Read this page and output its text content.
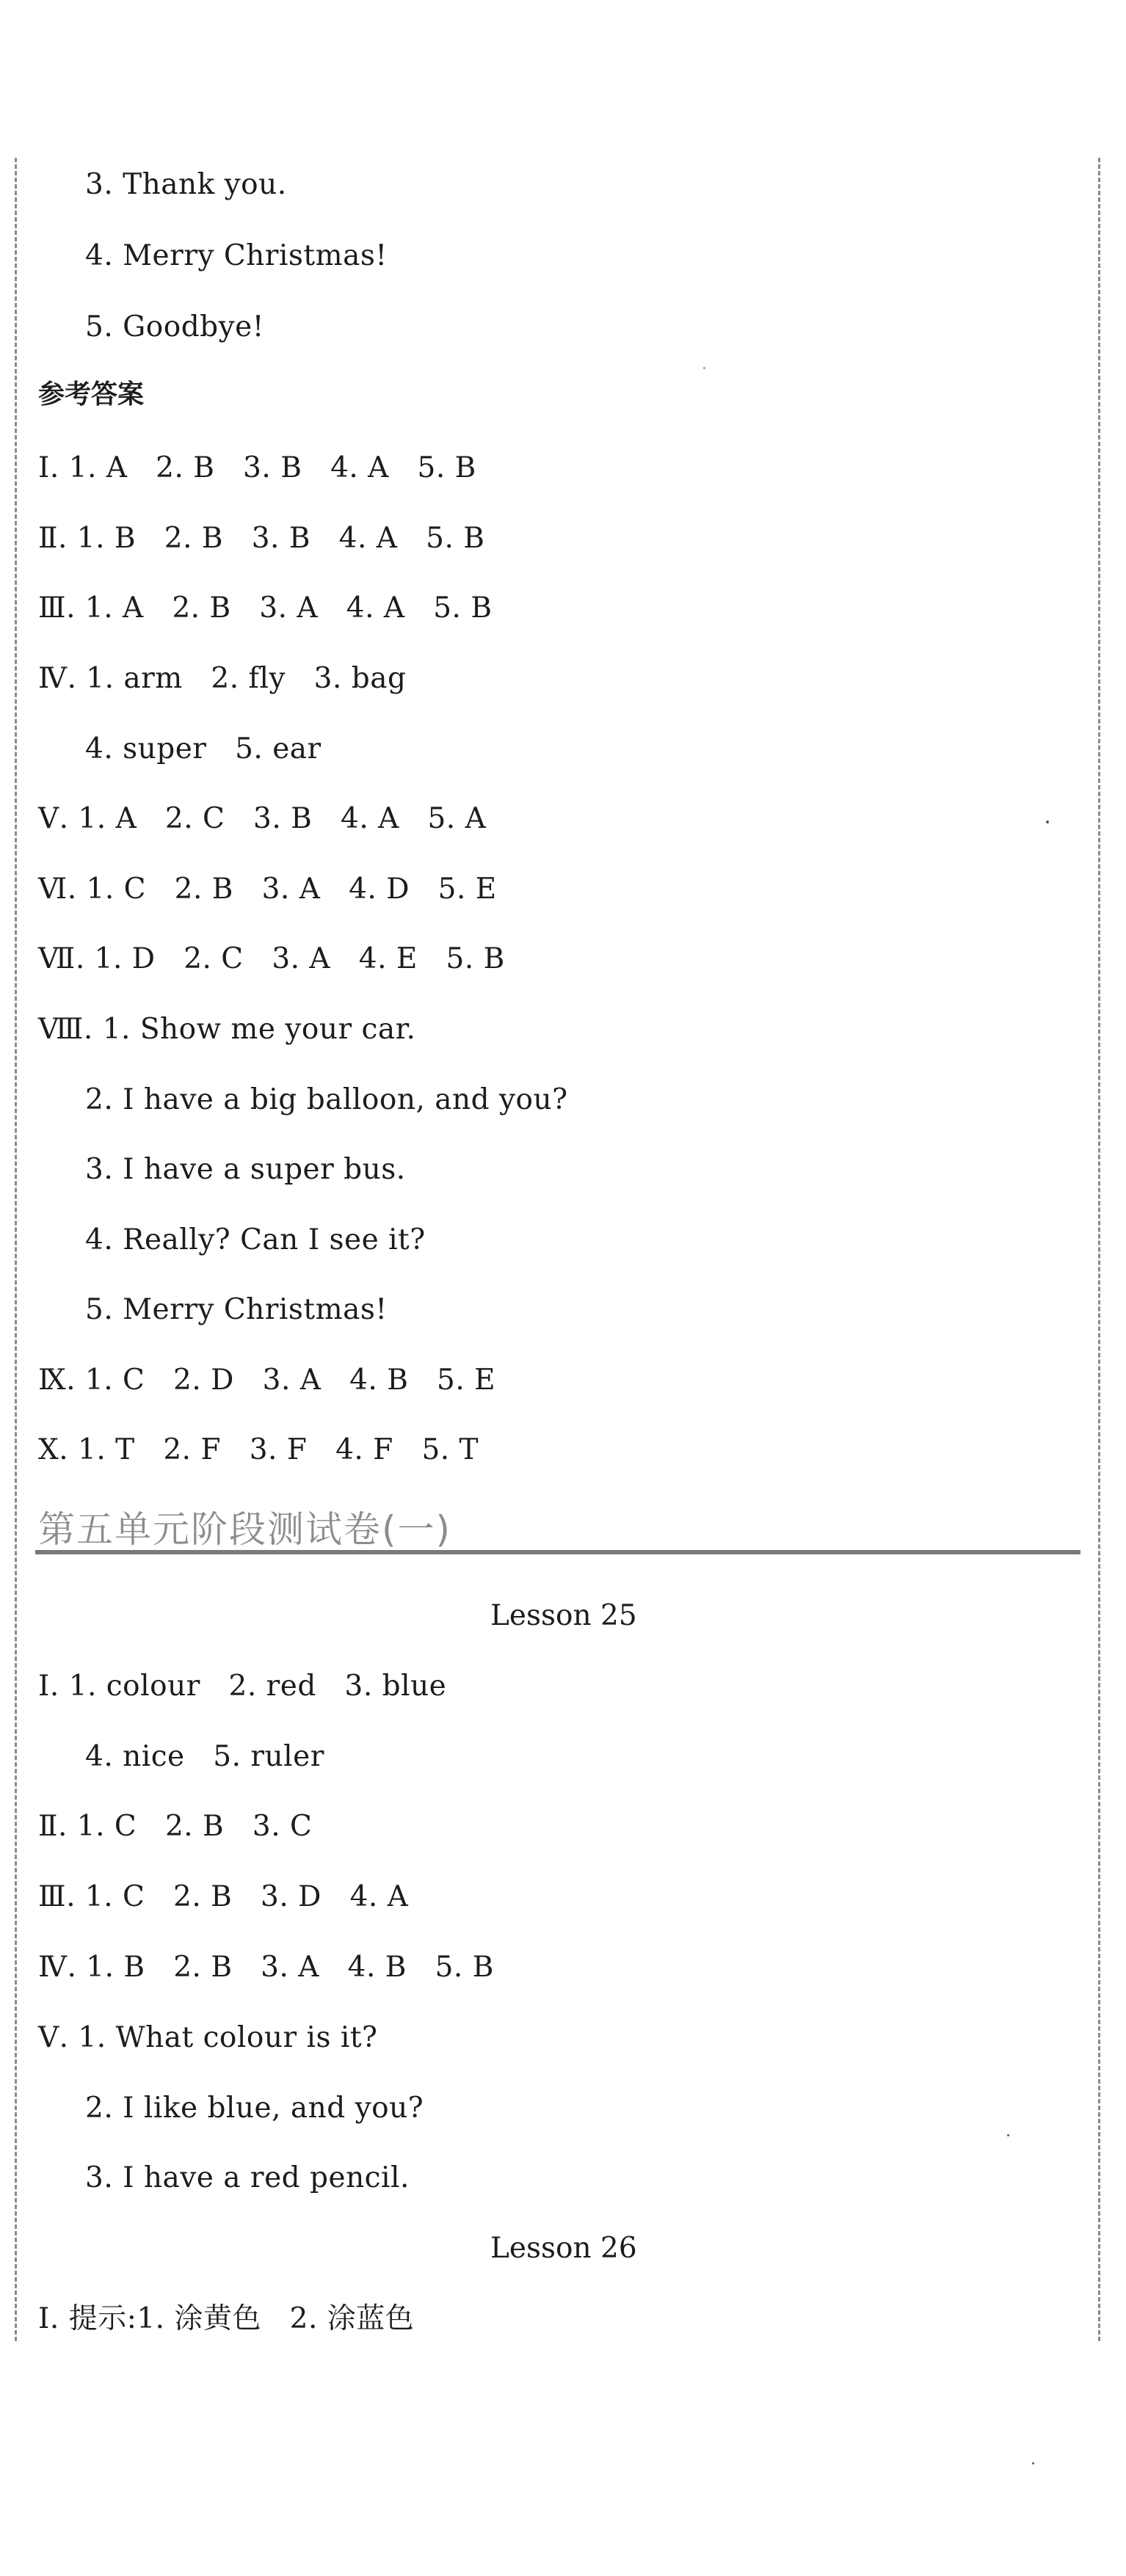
3. Thank you.
4. Merry Christmas!
5. Goodbye!
参考答案
Ⅰ. 1. A   2. B   3. B   4. A   5. B
Ⅱ. 1. B   2. B   3. B   4. A   5. B
Ⅲ. 1. A   2. B   3. A   4. A   5. B
Ⅳ. 1. arm   2. fly   3. bag
4. super   5. ear
Ⅴ. 1. A   2. C   3. B   4. A   5. A
Ⅵ. 1. C   2. B   3. A   4. D   5. E
Ⅶ. 1. D   2. C   3. A   4. E   5. B
Ⅷ. 1. Show me your car.
2. I have a big balloon, and you?
3. I have a super bus.
4. Really? Can I see it?
5. Merry Christmas!
Ⅸ. 1. C   2. D   3. A   4. B   5. E
Ⅹ. 1. T   2. F   3. F   4. F   5. T
第五单元阶段测试卷(一)
Lesson 25
Ⅰ. 1. colour   2. red   3. blue
4. nice   5. ruler
Ⅱ. 1. C   2. B   3. C
Ⅲ. 1. C   2. B   3. D   4. A
Ⅳ. 1. B   2. B   3. A   4. B   5. B
Ⅴ. 1. What colour is it?
2. I like blue, and you?
3. I have a red pencil.
Lesson 26
Ⅰ. 提示:1. 涂黄色   2. 涂蓝色
